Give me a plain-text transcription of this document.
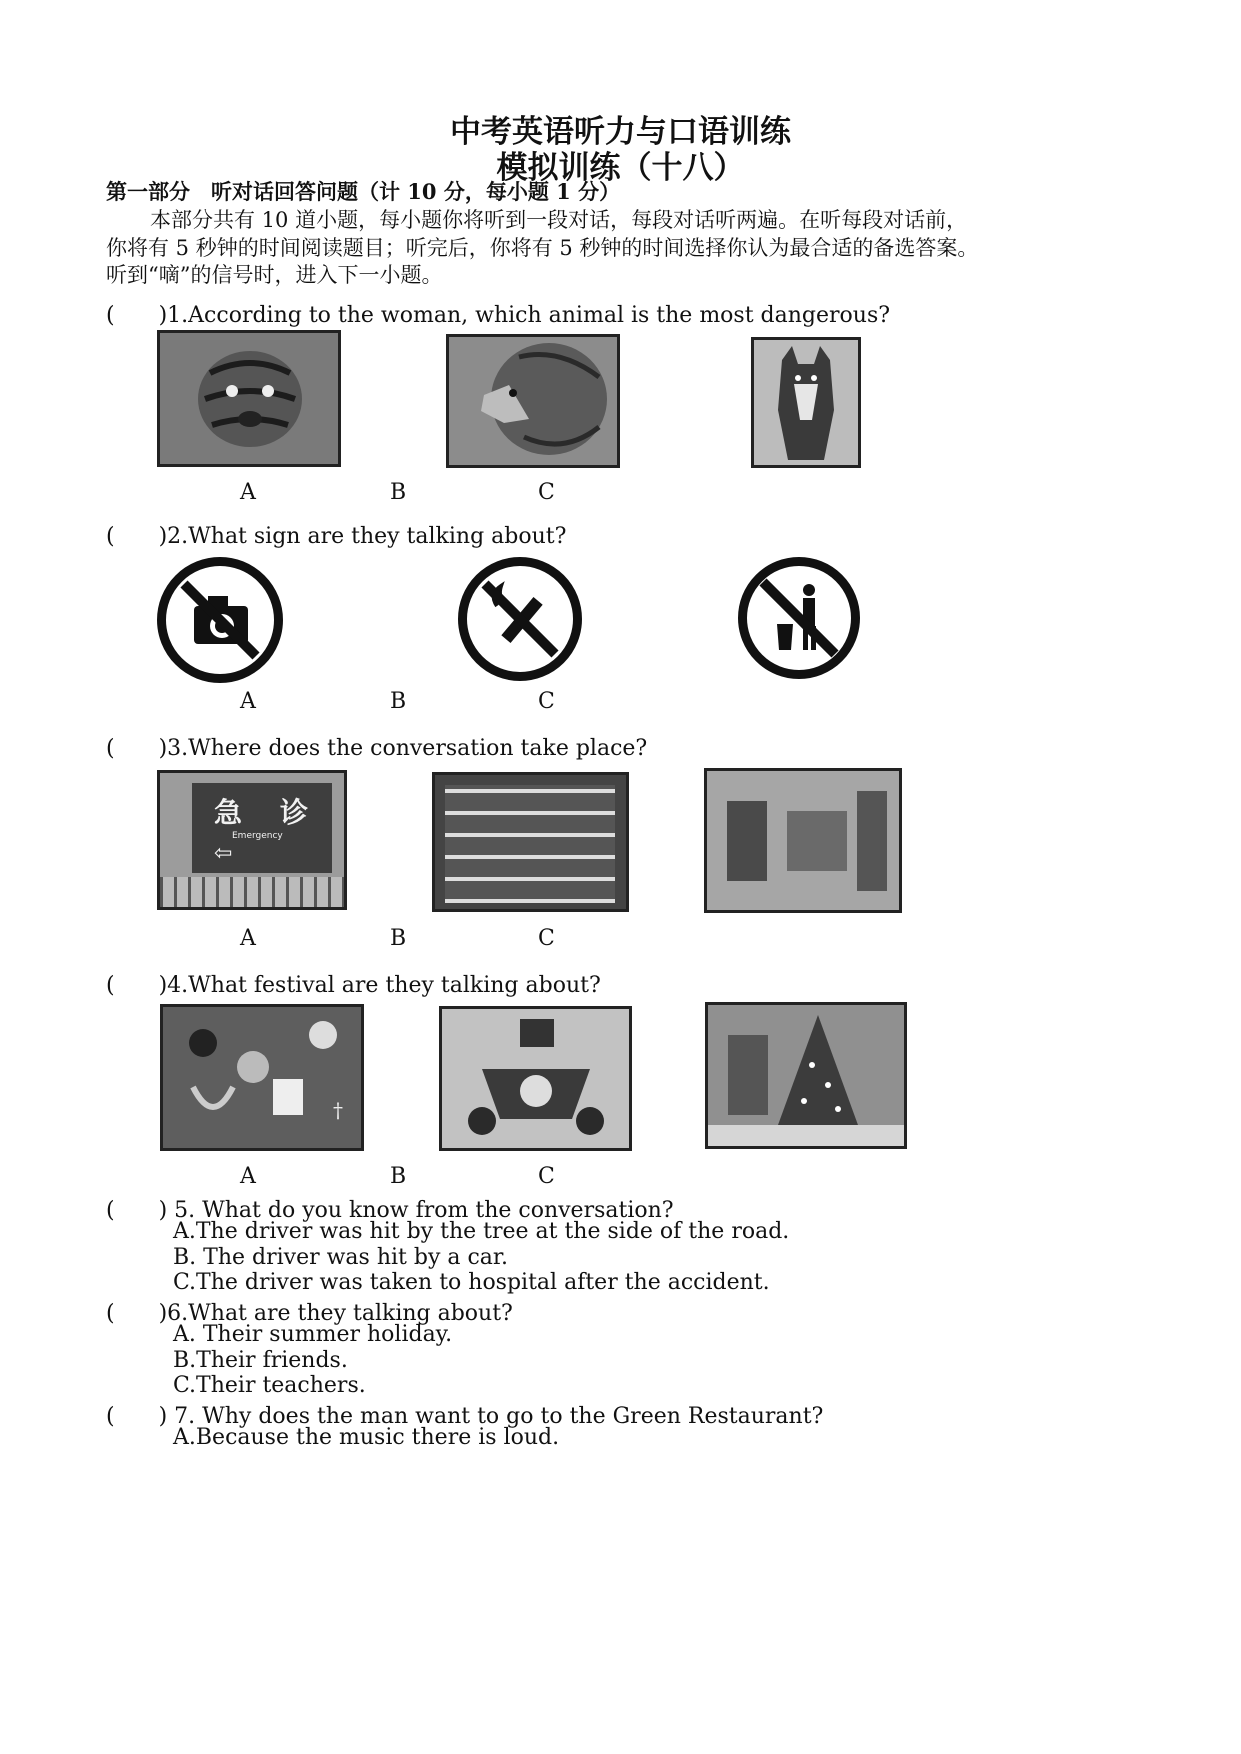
中考英语听力与口语训练
模拟训练（十八）
第一部分　听对话回答问题（计 10 分，每小题 1 分）
本部分共有 10 道小题，每小题你将听到一段对话，每段对话听两遍。在听每段对话前，
你将有 5 秒钟的时间阅读题目；听完后，你将有 5 秒钟的时间选择你认为最合适的备选答案。
听到“嘀”的信号时，进入下一小题。
(　　)1.According to the woman, which animal is the most dangerous?
A	B	C
(　　)2.What sign are they talking about?
A	B	C
(　　)3.Where does the conversation take place?
急 诊
Emergency
⇦
A	B	C
(　　)4.What festival are they talking about?
†
A	B	C
(　　) 5. What do you know from the conversation?
A.The driver was hit by the tree at the side of the road.
B. The driver was hit by a car.
C.The driver was taken to hospital after the accident.
(　　)6.What are they talking about?
A. Their summer holiday.
B.Their friends.
C.Their teachers.
(　　) 7. Why does the man want to go to the Green Restaurant?
A.Because the music there is loud.
